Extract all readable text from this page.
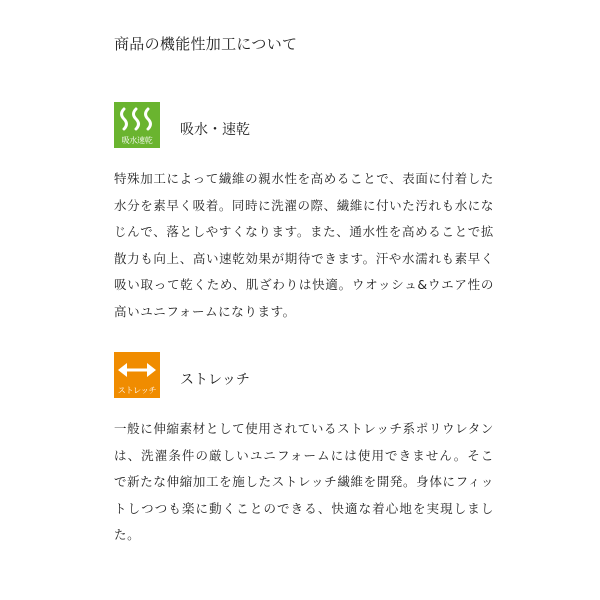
商品の機能性加工について
吸水速乾
吸水・速乾

特殊加工によって繊維の親水性を高めることで、表面に付着した水分を素早く吸着。同時に洗濯の際、繊維に付いた汚れも水になじんで、落としやすくなります。また、通水性を高めることで拡散力も向上、高い速乾効果が期待できます。汗や水濡れも素早く吸い取って乾くため、肌ざわりは快適。ウオッシュ&ウエア性の高いユニフォームになります。

ストレッチ
ストレッチ

一般に伸縮素材として使用されているストレッチ系ポリウレタンは、洗濯条件の厳しいユニフォームには使用できません。そこで新たな伸縮加工を施したストレッチ繊維を開発。身体にフィットしつつも楽に動くことのできる、快適な着心地を実現しました。
